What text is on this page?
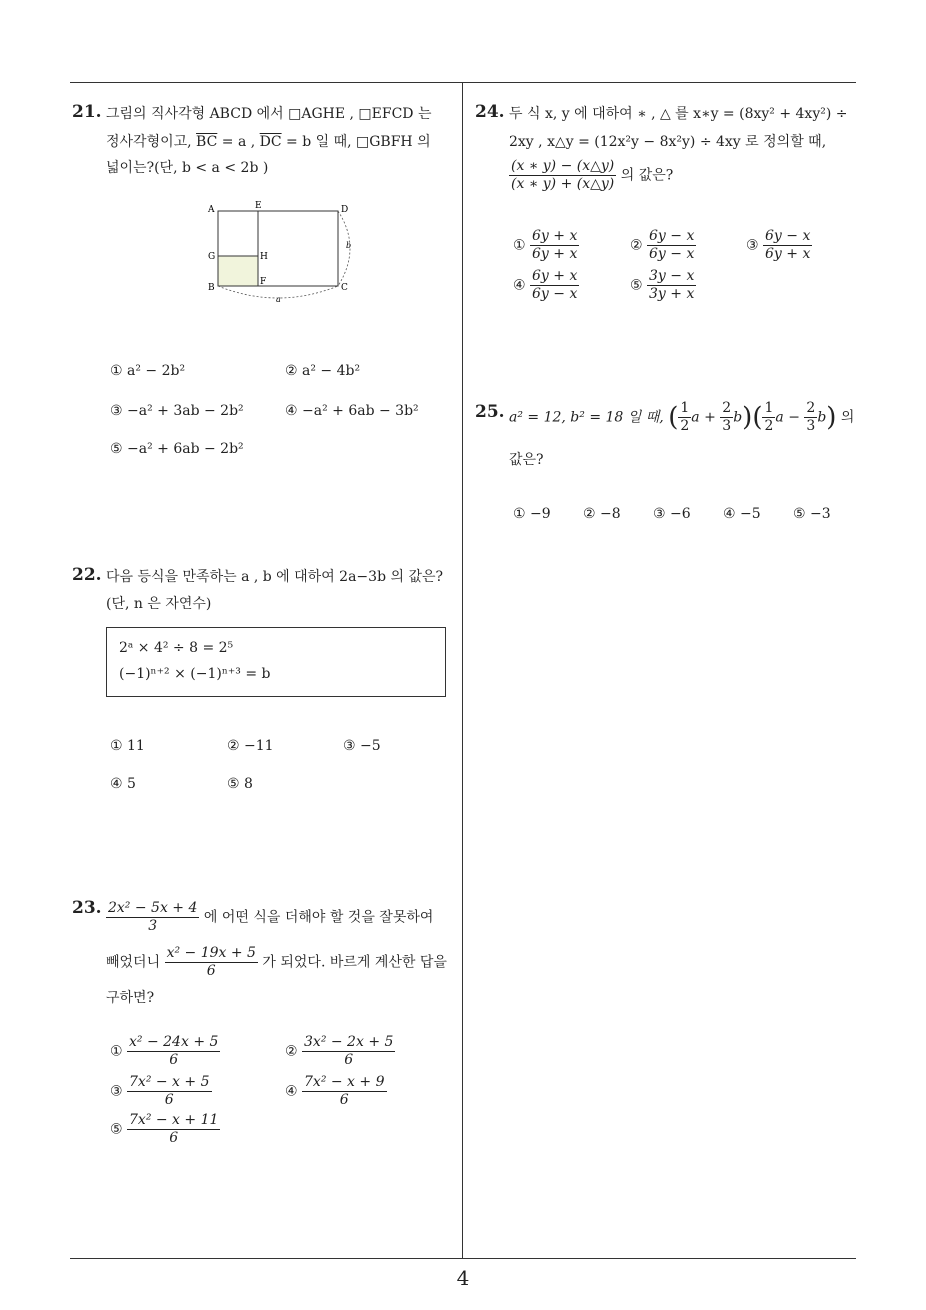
21. 그림의 직사각형 ABCD 에서 □AGHE , □EFCD 는
정사각형이고, $\overline{BC} = a$ , $\overline{DC} = b$ 일 때, □GBFH 의
넓이는?(단, b < a < 2b )
A	E	D
G	H
B
F
C
a
b
① a² − 2b²	② a² − 4b²
③ −a² + 3ab − 2b²	④ −a² + 6ab − 3b²
⑤ −a² + 6ab − 2b²
22. 다음 등식을 만족하는 a , b 에 대하여 2a−3b 의 값은?
(단, n 은 자연수)
2ᵃ × 4² ÷ 8 = 2⁵
(−1)ⁿ⁺² × (−1)ⁿ⁺³ = b
① 11	② −11	③ −5
④ 5	⑤ 8
23. $\frac{\text{2x² − 5x + 4}}{3}$ 에 어떤 식을 더해야 할 것을 잘못하여
빼었더니 $\frac{\text{x² − 19x + 5}}{6}$ 가 되었다. 바르게 계산한 답을
구하면?
① $\frac{\text{x² − 24x + 5}}{6}$	② $\frac{\text{3x² − 2x + 5}}{6}$
③ $\frac{\text{7x² − x + 5}}{6}$	④ $\frac{\text{7x² − x + 9}}{6}$
⑤ $\frac{\text{7x² − x + 11}}{6}$
24. 두 식 x, y 에 대하여 ∗ , △ 를 x∗y = (8xy² + 4xy²) ÷
2xy , x△y = (12x²y − 8x²y) ÷ 4xy 로 정의할 때,
$\frac{(x ∗ y) - (x\triangle y)}{(x ∗ y) + (x\triangle y)}$ 의 값은?
① $\frac{6y + x}{6y + x}$	② $\frac{6y - x}{6y - x}$	③ $\frac{6y - x}{6y + x}$
④ $\frac{6y + x}{6y - x}$	⑤ $\frac{3y - x}{3y + x}$
25. a² = 12, b² = 18 일 때, ( $\frac{1}{2}$ $a + \frac{2}{3} b)( \frac{1}{2}$ $a - \frac{2}{3} b$) 의
값은?
① −9 ② −8 ③ −6 ④ −5 ⑤ −3
4
